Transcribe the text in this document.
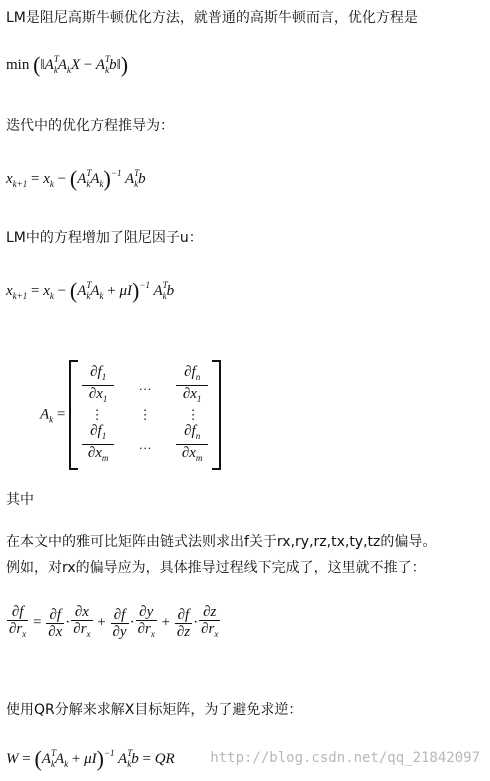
LM是阻尼高斯牛顿优化方法，就普通的高斯牛顿而言，优化方程是
$\min (‖A^T_kA_kX$ − $A^T_kb‖$)
迭代中的优化方程推导为：
$x_{k+1} = x_k - (A^T_kA_k)^{-1}$ $A^T_kb$
LM中的方程增加了阻尼因子u：
$x_{k+1} = x_k - (A^T_kA_k + \mu I)^{-1}$ $A^T_kb$
$A_k$ =
$\frac{\partial f_1}{\partial x_1}$	…	$\frac{\partial f_n}{\partial x_1}$
⋮	⋮	⋮
$\frac{\partial f_1}{\partial x_m}$	…	$\frac{\partial f_n}{\partial x_m}$
其中
在本文中的雅可比矩阵由链式法则求出f关于rx,ry,rz,tx,ty,tz的偏导。
例如，对rx的偏导应为，具体推导过程线下完成了，这里就不推了：
$\frac{\partial f}{\partial r_x} = \frac{\partial f}{\partial x} \cdot \frac{\partial x}{\partial r_x} + \frac{\partial f}{\partial y} \cdot \frac{\partial y}{\partial r_x} + \frac{\partial f}{\partial z} \cdot \frac{\partial z}{\partial r_x}$
使用QR分解来求解X目标矩阵，为了避免求逆：
$W = (A^T_kA_k + \mu I)^{-1}$ $A^T_kb$ = QR	http://blog.csdn.net/qq_21842097
